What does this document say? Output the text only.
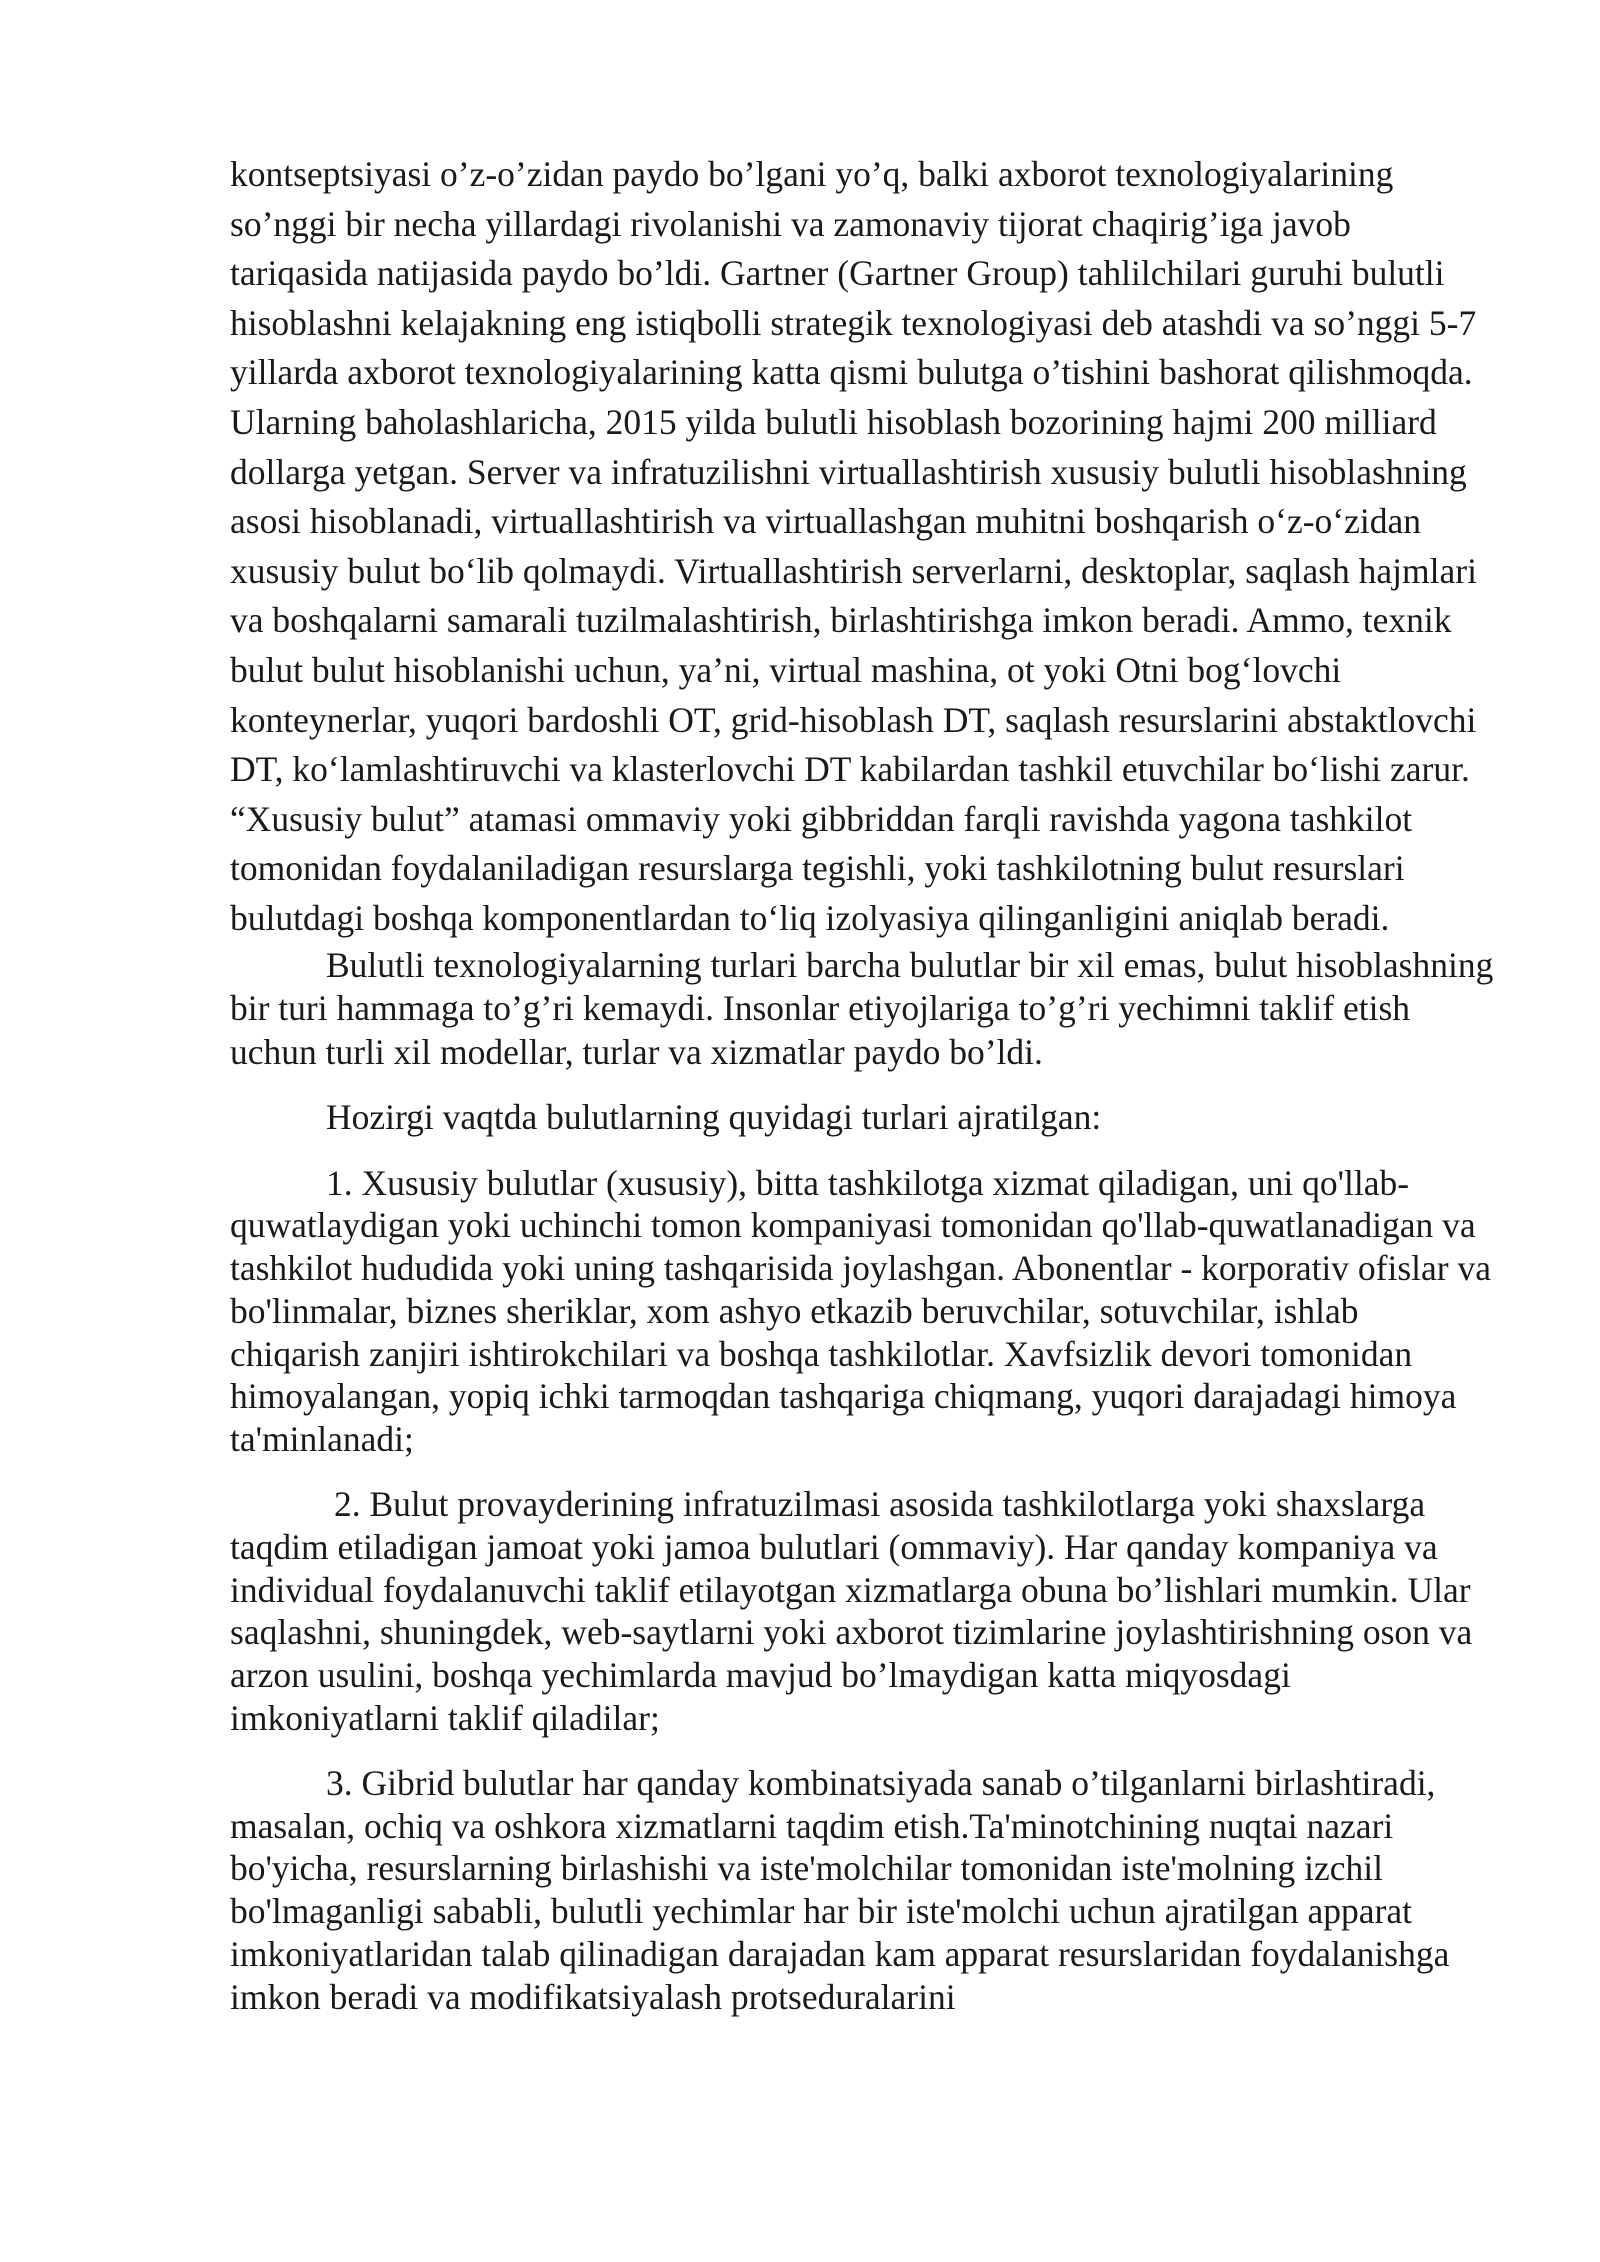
kontseptsiyasi o’z-o’zidan paydo bo’lgani yo’q, balki axborot texnologiyalarining so’nggi bir necha yillardagi rivolanishi va zamonaviy tijorat chaqirig’iga javob tariqasida natijasida paydo bo’ldi. Gartner (Gartner Group) tahlilchilari guruhi bulutli hisoblashni kelajakning eng istiqbolli strategik texnologiyasi deb atashdi va so’nggi 5-7 yillarda axborot texnologiyalarining katta qismi bulutga o’tishini bashorat qilishmoqda. Ularning baholashlaricha, 2015 yilda bulutli hisoblash bozorining hajmi 200 milliard dollarga yetgan. Server va infratuzilishni virtuallashtirish xususiy bulutli hisoblashning asosi hisoblanadi, virtuallashtirish va virtuallashgan muhitni boshqarish o‘z-o‘zidan xususiy bulut bo‘lib qolmaydi. Virtuallashtirish serverlarni, desktoplar, saqlash hajmlari va boshqalarni samarali tuzilmalashtirish, birlashtirishga imkon beradi. Ammo, texnik bulut bulut hisoblanishi uchun, ya’ni, virtual mashina, ot yoki Otni bog‘lovchi konteynerlar, yuqori bardoshli OT, grid-hisoblash DT, saqlash resurslarini abstaktlovchi DT, ko‘lamlashtiruvchi va klasterlovchi DT kabilardan tashkil etuvchilar bo‘lishi zarur. “Xususiy bulut” atamasi ommaviy yoki gibbriddan farqli ravishda yagona tashkilot tomonidan foydalaniladigan resurslarga tegishli, yoki tashkilotning bulut resurslari bulutdagi boshqa komponentlardan to‘liq izolyasiya qilinganligini aniqlab beradi.

Bulutli texnologiyalarning turlari barcha bulutlar bir xil emas, bulut hisoblashning bir turi hammaga to’g’ri kemaydi. Insonlar etiyojlariga to’g’ri yechimni taklif etish uchun turli xil modellar, turlar va xizmatlar paydo bo’ldi.

Hozirgi vaqtda bulutlarning quyidagi turlari ajratilgan:

1. Xususiy bulutlar (xususiy), bitta tashkilotga xizmat qiladigan, uni qo'llab-quwatlaydigan yoki uchinchi tomon kompaniyasi tomonidan qo'llab-quwatlanadigan va tashkilot hududida yoki uning tashqarisida joylashgan. Abonentlar - korporativ ofislar va bo'linmalar, biznes sheriklar, xom ashyo etkazib beruvchilar, sotuvchilar, ishlab chiqarish zanjiri ishtirokchilari va boshqa tashkilotlar. Xavfsizlik devori tomonidan himoyalangan, yopiq ichki tarmoqdan tashqariga chiqmang, yuqori darajadagi himoya ta'minlanadi;

2. Bulut provayderining infratuzilmasi asosida tashkilotlarga yoki shaxslarga taqdim etiladigan jamoat yoki jamoa bulutlari (ommaviy). Har qanday kompaniya va individual foydalanuvchi taklif etilayotgan xizmatlarga obuna bo’lishlari mumkin. Ular saqlashni, shuningdek, web-saytlarni yoki axborot tizimlarine joylashtirishning oson va arzon usulini, boshqa yechimlarda mavjud bo’lmaydigan katta miqyosdagi imkoniyatlarni taklif qiladilar;

3. Gibrid bulutlar har qanday kombinatsiyada sanab o’tilganlarni birlashtiradi, masalan, ochiq va oshkora xizmatlarni taqdim etish.Ta'minotchining nuqtai nazari bo'yicha, resurslarning birlashishi va iste'molchilar tomonidan iste'molning izchil bo'lmaganligi sababli, bulutli yechimlar har bir iste'molchi uchun ajratilgan apparat imkoniyatlaridan talab qilinadigan darajadan kam apparat resurslaridan foydalanishga imkon beradi va modifikatsiyalash protseduralarini
